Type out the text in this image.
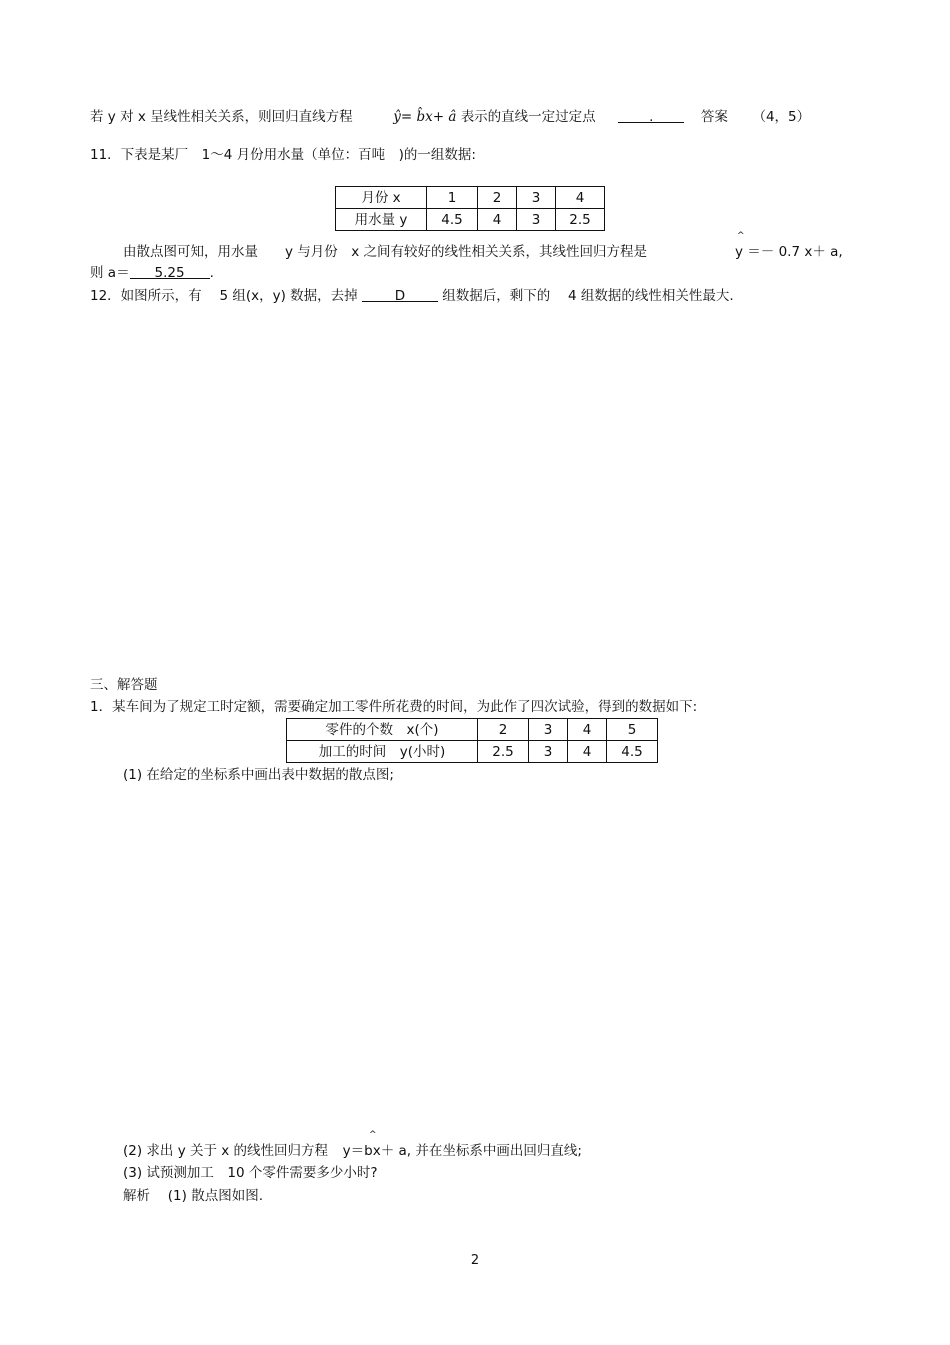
若 y 对 x 呈线性相关关系，则回归直线方程	ŷ= b̂x+ â 表示的直线一定过定点	.	答案 （4，5）
11．下表是某厂　1～4 月份用水量（单位：百吨　)的一组数据:
月份 x	1	2	3	4
用水量 y	4.5	4	3	2.5
由散点图可知，用水量　　y 与月份　x 之间有较好的线性相关关系，其线性回归方程是
^
y ＝－ 0.7 x＋ a,
则 a＝ 5.25 .
12．如图所示，有　 5 组(x，y) 数据，去掉	D	组数据后，剩下的　 4 组数据的线性相关性最大.
三、解答题
1．某车间为了规定工时定额，需要确定加工零件所花费的时间，为此作了四次试验，得到的数据如下:
零件的个数　x(个)	2	3	4	5
加工的时间　y(小时)	2.5	3	4	4.5
(1) 在给定的坐标系中画出表中数据的散点图;
^
(2) 求出 y 关于 x 的线性回归方程 y＝bx＋ a, 并在坐标系中画出回归直线;
(3) 试预测加工　10 个零件需要多少小时?
解析　 (1) 散点图如图.
2
